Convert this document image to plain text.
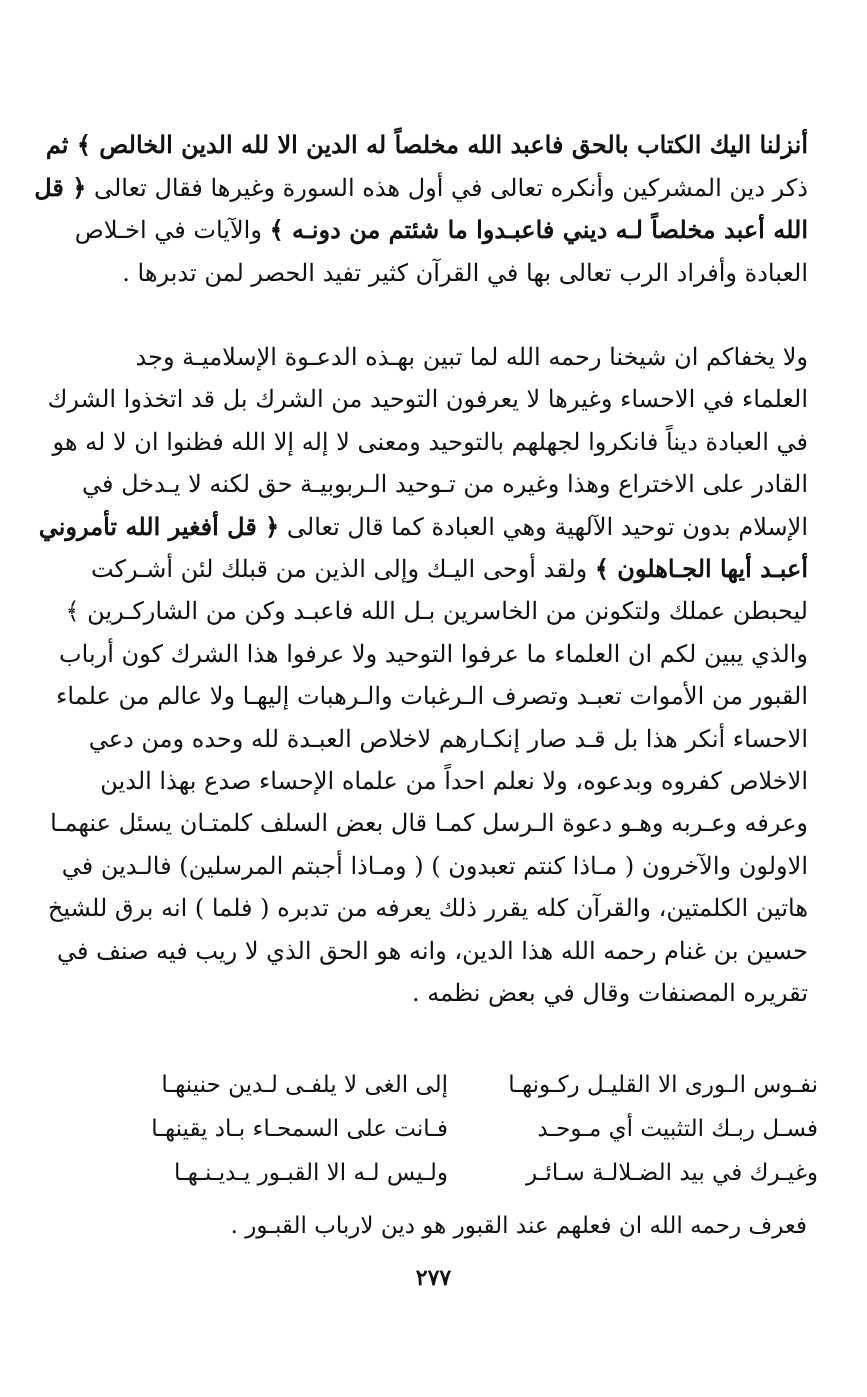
أنزلنا اليك الكتاب بالحق فاعبد الله مخلصاً له الدين الا لله الدين الخالص ﴾ ثم
ذكر دين المشركين وأنكره تعالى في أول هذه السورة وغيرها فقال تعالى ﴿ قل
الله أعبد مخلصاً لـه ديني فاعبـدوا ما شئتم من دونـه ﴾ والآيات في اخـلاص
العبادة وأفراد الرب تعالى بها في القرآن كثير تفيد الحصر لمن تدبرها .
ولا يخفاكم ان شيخنا رحمه الله لما تبين بهـذه الدعـوة الإسلاميـة وجد
العلماء في الاحساء وغيرها لا يعرفون التوحيد من الشرك بل قد اتخذوا الشرك
في العبادة ديناً فانكروا لجهلهم بالتوحيد ومعنى لا إله إلا الله فظنوا ان لا له هو
القادر على الاختراع وهذا وغيره من تـوحيد الـربوبيـة حق لكنه لا يـدخل في
الإسلام بدون توحيد الآلهية وهي العبادة كما قال تعالى ﴿ قل أفغير الله تأمروني
أعبـد أيها الجـاهلون ﴾ ولقد أوحى اليـك وإلى الذين من قبلك لئن أشـركت
ليحبطن عملك ولتكونن من الخاسرين بـل الله فاعبـد وكن من الشاركـرين ﴾
والذي يبين لكم ان العلماء ما عرفوا التوحيد ولا عرفوا هذا الشرك كون أرباب
القبور من الأموات تعبـد وتصرف الـرغبات والـرهبات إليهـا ولا عالم من علماء
الاحساء أنكر هذا بل قـد صار إنكـارهم لاخلاص العبـدة لله وحده ومن دعي
الاخلاص كفروه وبدعوه، ولا نعلم احداً من علماه الإحساء صدع بهذا الدين
وعرفه وعـربه وهـو دعوة الـرسل كمـا قال بعض السلف كلمتـان يسئل عنهمـا
الاولون والآخرون ( مـاذا كنتم تعبدون ) ( ومـاذا أجبتم المرسلين) فالـدين في
هاتين الكلمتين، والقرآن كله يقرر ذلك يعرفه من تدبره ( فلما ) انه برق للشيخ
حسين بن غنام رحمه الله هذا الدين، وانه هو الحق الذي لا ريب فيه صنف في
تقريره المصنفات وقال في بعض نظمه .
نفـوس الـورى الا القليـل ركـونهـا
إلى الغى لا يلفـى لـدين حنينهـا
فسـل ربـك التثبيت أي مـوحـد
فـانت على السمحـاء بـاد يقينهـا
وغيـرك في بيد الضـلالـة سـائـر
ولـيس لـه الا القبـور يـديـنـهـا
فعرف رحمه الله ان فعلهم عند القبور هو دين لارباب القبـور .
٢٧٧
